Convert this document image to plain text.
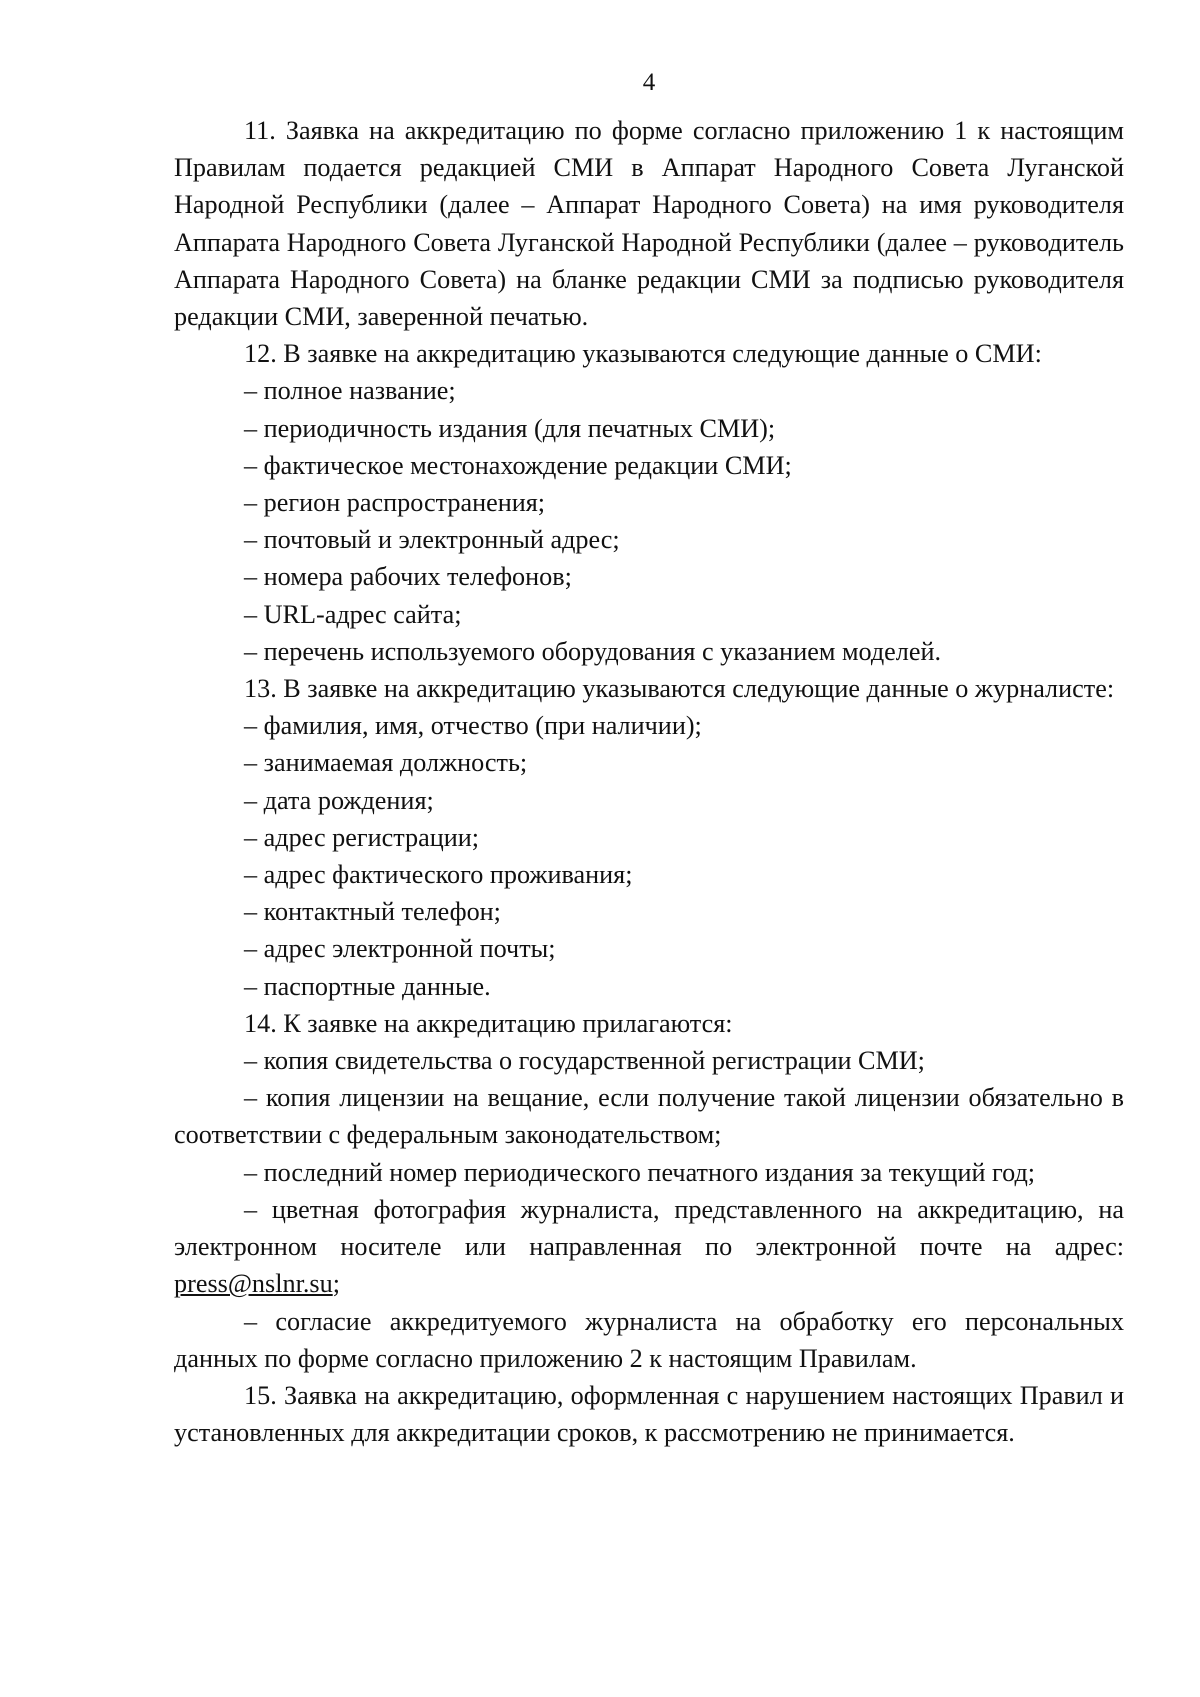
4

11. Заявка на аккредитацию по форме согласно приложению 1 к настоящим Правилам подается редакцией СМИ в Аппарат Народного Совета Луганской Народной Республики (далее – Аппарат Народного Совета) на имя руководителя Аппарата Народного Совета Луганской Народной Республики (далее – руководитель Аппарата Народного Совета) на бланке редакции СМИ за подписью руководителя редакции СМИ, заверенной печатью.

12. В заявке на аккредитацию указываются следующие данные о СМИ:

– полное название;

– периодичность издания (для печатных СМИ);

– фактическое местонахождение редакции СМИ;

– регион распространения;

– почтовый и электронный адрес;

– номера рабочих телефонов;

– URL-адрес сайта;

– перечень используемого оборудования с указанием моделей.

13. В заявке на аккредитацию указываются следующие данные о журналисте:

– фамилия, имя, отчество (при наличии);

– занимаемая должность;

– дата рождения;

– адрес регистрации;

– адрес фактического проживания;

– контактный телефон;

– адрес электронной почты;

– паспортные данные.

14. К заявке на аккредитацию прилагаются:

– копия свидетельства о государственной регистрации СМИ;

– копия лицензии на вещание, если получение такой лицензии обязательно в соответствии с федеральным законодательством;

– последний номер периодического печатного издания за текущий год;

– цветная фотография журналиста, представленного на аккредитацию, на электронном носителе или направленная по электронной почте на адрес: press@nslnr.su;

– согласие аккредитуемого журналиста на обработку его персональных данных по форме согласно приложению 2 к настоящим Правилам.

15. Заявка на аккредитацию, оформленная с нарушением настоящих Правил и установленных для аккредитации сроков, к рассмотрению не принимается.
